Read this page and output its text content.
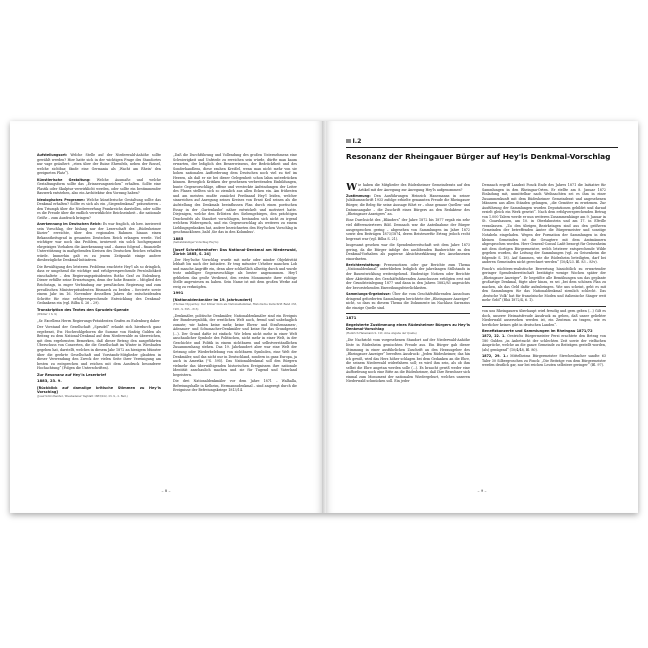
Aufstellungsort: Welche Stelle auf der Niederwald-Anhöhe sollte gewählt werden? Hier hatte sich in der wichtigen Frage des Standortes nur vage geäußert: „etwa über der Ruine Ehrenfels, neben der Rossel, welche sichtbar, fände eine Germania als ‚Wacht am Rhein' den geeigneten Platz“).

Künstlerische Gestaltung: Welche Ausmaße und welche Gestaltungsform sollte das „Erinnerungszeichen“ erhalten. Sollte eine Plastik oder Skulptur verwirklicht werden, oder sollte ein bestimmender Bauwerk entstehen, also ein Architektur den Vorrang haben?

Ideologisches Programm: Welche künstlerische Gestaltung sollte das Denkmal erhalten? Sollte es sich als ein „Siegesdenkmal“ präsentieren – den Triumph über die Niederwerfung Frankreichs darstellen, oder sollte es die Freude über die endlich verwirklichte Reichseinheit – die nationale Größe – zum Ausdruck bringen?

Anerkennung im Deutschen Reich: Es war fraglich, ob bzw. inwieweit sein Vorschlag, der bislang nur der Leserschaft des „Rüdesheimer Kurier“ erreichte, über den regionalen Rahmen hinaus einen Bekanntheitsgrad in gesamten Deutschen Reich erlangen werde. Viel wichtiger war noch das Problem, inwieweit ein solch hochgespannt ehrgeiziges Vorhaben die Anerkennung und – daraus folgend – finanzielle Unterstützung in maßgebenden Kreisen des Deutschen Reiches erhalten würde. Immerhin galt es zu jenem Zeitpunkt einige andere diesbezügliche Denkmal-Initiativen.

Die Bewältigung des letzteren Problems erachtete Hey'l als so dringlich, dass er umgehend die wichtige und erfolgversprechende Persönlichkeit einschaltete – den Regierungspräsidenten Botho Graf zu Eulenburg. Dieser erfüllte seine Erwartungen, denn der hohe Beamte – Mitglied des Reichstags, in enger Verbindung zur preußischen Regierung und zum preußischen Ministerpräsidenten Bismarck zu beiden – forcierte sowie einem Jahr im 16. November desselben Jahres die entscheidenden Schritte für eine erfolgversprechende Entwicklung des Denkmal-Gedankens ein (vgl. Bilba S. 26 – 29).

Transkription des Textes den Sprudels-Spende
(Wildler 1 S. 9)

„Sr. Excellenz Herrn Regierungs-Präsidenten Grafen zu Eulenburg daher

Der Vorstand der Gesellschaft „Sprudel“ erlaubt sich hierdurch ganz ergebenst, Ew. Hochwohlgeboren die Summe von fünfzig Gulden als Beitrag zu dem National-Denkmal auf dem Niederwalde zu überreichen, mit dem ergebensten Bemerken, daß dieser Betrag den ausgeführten Überschuss von Conzerten, die die Gesellschaft im Winter in Wiesbaden gegeben hat, darstellt, welches in diesem Jahr 1872 an hiesigem Münster über die geehrte Gesellschaft und Vorstands-Mitglieder glaubten in dieser Verwendung den Zweck der vielen Seite ihrer Vereinigung am besten zu entsprechen und reichen mit dem Ausdruck besonderer Hochachtung“ (Folgen die Unterschriften).

Zur Resonanz auf Hey'ls Leserbrief
1883, 23. 9.
[Rückblick auf damalige kritische Stimmen zu Hey'ls Vorschlag]
(Josef Schrothenhol, Wiesbadener Tagblatt 1883/222, 23. 9., 2. Beil.)

„Daß die Durchführung und Vollendung des großen Unternehmens eine Schwierigkeit und Unfriede zu erreichen sein würde, dürfte man kaum erwarten, der lediglich des Besserwissens, der Bedrücktheit und des Sonderhandlens, diese rauhen Kreißel, wenn man nicht mehr von sie hohen nationalen Aufforderung dem Deutschen noch viel zu tief im Herzen, als daß er sie bei dieser Gelegenheit schon lahm unterdrücken können. Beweglich Kritiken der gesehenen verbreitenden Einbildungen, bunte Gegenvorschläge, offene und versteckte Anfeindungen der Leiter des Planes stellten sich so ziemlich aus allen Ecken ein. Am frühesten und am meisten mußte zunächst Ferdinand Hey'l leiden, welcher sinnreichen auf Anregung seines Kreises von Ernst Keil seinen als die Aufstellung des Denkmals beeinflussen Plan durch einen poetischen Essay in der ‚Gartenlaube‘ näher entwickelt und motiviert hatte. Diejenigen, welche den Erlösten des Siebengebirges, den prächtigen Drachenfels als Standort vorschlugen, bestanden sich nicht zu irgend welchem Widerspruch, und ein Gegenvorschlag als weiteres zu einem Lieblingsgedanken hat, andere bezeichneten den Hey'lschen Vorschlag in geschmacklosen ‚bald ‚Sie das in den Kolumbus'.

1885
(Selbstständiger Vorschlag Hey'ls)
[Josef Schrothenhofer: Das National-Denkmal am Niederwald, Zürich 1885, S. 24]

„Der Hey'lsche Vorschlag wurde mit mehr oder minder Objektivität lebhaft bis nach der Initiative. Er trug mitunter Urheber manchen Lob und manche Angriffe ein, denn aber schließlich allseitig durch und wurde trotz unbilliger Gegenvorschläge als bester angenommen. Hey'l geblieben das große Verdienst, den ersten Monumente ihrer richtige Stelle angewiesen zu haben. Sein Name ist mit dem großen Werke auf ewig zu verknüpfen.

1991
[Nationaldenkmäler im 19. Jahrhundert]
(Thomas Nipperdey: Der Kölner Dom als Nationaldenkmal, Historische Zeitschrift Band 233, 1981, S. 595 – 613)

„Denkmäler, politische Denkmäler, Nationaldenkmäler sind ein Ereignis der Bundesrepublik, der westlichen Welt auch, fremd und unbehaglich zumute; wir haben keine mehr, keine Ehren- und Straßennamen-, Adenauer- und Schumacher-Denkmäler und keine für das Grundgesetz (...). Der Grund dafür ist einfach: Wir leben nicht mehr in einer Welt anschaulicher Symbole des Politischen, nicht mehr in einer Welt, in der Geschichte und Politik in einem sichtbaren und selbstverständlichen Zusammenhang stehen. Das 19. Jahrhundert aber war eine Welt der Setzung oder Wiederbelebung von sichtbaren Symbolen, eine Welt der Denkmäler, und das nicht nur in Deutschland, sondern in ganz Europa, ja auch in Amerika ("S. 595). Das Nationaldenkmal soll den Bürgern vielmehr das überwältigenden historischen Ereignissen ihre nationale Identität anschaulich machen und sie für Tugend und Vaterland begeistern.

Die drei Nationaldenkmäler vor dem Jahre 1871 – Walhalla, Befreiungshalle in Kelheim, Hermannsdenkmal – sind angeregt durch die Ereignisse der Befreiungskriege 1813/14.

– 8 –
I.2
Resonanz der Rheingauer Bürger auf Hey'ls Denkmal-Vorschlag

Wie haben die Mitglieder des Rüdesheimer Gemeinderats auf den Artikel mit der Anregung zur Anregung Hey'ls aufgenommen?

Zustimmung: Den Ausführungen Heinrich Hanemanns in seiner Jubiläumsschrift 1933 zufolge erhielte genannten Freude die Rheingauer Bürger, die Beleg für seine Aussage führt er – ohne genaue Quellen- und Datumsangabe – die Zuschrift eines Bürgers an den Redakteur des „Rheingauer Anzeigers“ an.

Eine Durchsicht des „Bländers“ der Jahre 1872 bis 1877 ergab ein sehr viel differenzierteres Bild. Demnach war die Anteilnahme der Bürger ausgesprochen gering – abgesehen von Sammlungen im Jahre 1872 sowie den Beiträgen 1873/1874, deren Beisteuerfür Ertrag jedoch recht begrenzt war (vgl. Bilba S. 21).

Insgesamt gesehen war die Spendenbereitschaft seit dem Jahre 1873 gering, da die Bürger infolge des auslöbenden Bauberichte zu den Denkmal-Vorhaben als papierne Absichtserklärung des Ansehnsenen einordneten.

Berichterstattung: Pressenotizen oder gar Berichte zum Thema „Nationaldenkmal“ unterblieben lediglich der jahrelangen Stillstands in der Bauentwicklung weitestgehend. Eindeutige Notizen oder Berichte über Aktivitäten des Geschäftsführenden Ausschusses erfolgten erst mit der Grundsteinlegung 1877 und dann in den Jahren 1882/83 angesichts der bevorstehenden Einweihungsfeierlichkeiten.

Sammlungs-Ergebnisse: Über die vom Geschäftsführenden Ausschuss dringend geforderten Sammlungen berichtete der „Rheingauer Anzeiger“ nicht, so dass zu diesem Thema die Dokumente im Nachlass Sarrazius die einzige Quelle sind.

1871
Begeisterte Zustimmung eines Rüdesheimer Bürgers zu Hey'ls Denkmal-Vorschlag
(Heinrich Hanemann S. 12f; ohne Angabe der Quelle)

„Die Nachricht vom vorgesehenen Standort auf der Niederwald-Anhöhe löste in Rüdesheim gemischten Freude aus. Ein Bürger gab dieser Stimmung in einer ausführlichen Zuschrift an den Herausgeber des „Rheingauer Anzeiger“ beredten Ausdruck: „Jeden Rüdesheimer, das hin ich gewiß, wird das Herz höher schlagen bei dem Gedanken an die Ehre, die seinem Niederwald widerfahren soll; es wird ihm sein, als ob ihm selbst die Ehre angetan werden solle (...). Es braucht gewiß weder eine Auffordeung noch eine Bitte an die Rüdesheimer, daß Ihre Bewohner sich einmal zum Monument der nationalen Wiedergeburt, welches unseren Niederwald schmücken soll. Ein jeder

Demnach ergriff Landrat Fonck Ende des Jahres 1871 die Initiative für Sammlungen in den Rheingau-Orten. Er stellte am 8. Januar 1872 Einladung mit, unmittelbar nach Weihnachten sei es ihm in einer Zusammenkunft mit dem Rüdesheimer Gemeinderat und angesehenen Männern aus allen Ständen gelungen, „die Gemüter zu erwärmen. Zur Ausführung der Sammlungen wurden Deputationen gebildet und darauf erzielt gleich ein Werk gesetzt“. Nach dem erfolgversprechenden Betrag von 1.000 Talern werde er nun weiteren Zusammenhänge am 9. Januar in St. Goarshausen, am 10. in Oberlahnstein und am 17. in Eltville veranlassen. „Zu den übrigen Bezirkstagen sind aus den größeren Gemeinden der betreffenden Ämter die Bürgermeister und sonstige Notabeln eingeladen. Wegen der Formation der Sammlungen in den kleinen Gemeinden ist die Gesagtere mit dem Amtmännern abgesprochen worden. Herr General-Consul Ladé besorgt für Geisenheim mit dem dortigen Bürgermeister, welch letzterer entsprechende Wilde gegeben worden, die Leitung der Sammlungen (vgl. zu Geisenheim die folgende S. 18). Auf Sammen, wie die Rüdesheim beteiligten, darf bei anderen Gemeinden nicht gerechnet werden“ (10/4/23. Bl. 83 – 83v).

Fonck's nüchtern-realistische Bewertung hinsichtlich zu erwartender geringer Spendenbereitschaft bestätigte wenige Wochen später der „Rheingauer Anzeiger“. Er begrüßte alle Bemühungen um das geplante großartige Denkmal, fügte aber hinzu, es sei „bei dem schönen Plan zu machen, als das Geld dafür aufzubringen. Wie uns scheint, geht es mit den Sammlungen für das Nationaldenkmal ziemlich schlecht. Das ‚deutsche Volk‘ hat für französische Moden und italienische Sänger weit mehr Geld“ (Rhä 1872/4, 6. 1).

von uns Rheingauern überhaupt wird freudig und gern geben (...) Gilt es doch, unserer Heimatsfreude Ausdruck zu geben, daß unser geliebter Niederwald ausersehen werden ist, ein Zentrum zu tragen, wie es herrlicher keines gibt in deutschen Landen“.

Benefizkonzerte und Sammlungen im Rheingau 1871/72

1872, 22. 1. Oestrichs Bürgermeister Perzi erachtete den Betrag von 180 Gulden „in Anbetracht der schlechten Zeit sowie der vielfachen Ansprüche, welche an die ganze Gemeinde zu Beiträgen gestellt worden, (als) genügend“ (10/4/48, Bl. 80).

1872, 29. 1.: Mittelheims Bürgermeister Strechenbacher sandte 63 Taler 30 Silbergroschen zu Fonck: „Die Beiträge von dem Bürgermeister werden deutlich gar, nur bei reichen Leuten selbstere geringer“ (Bl. 97).

– 9 –
